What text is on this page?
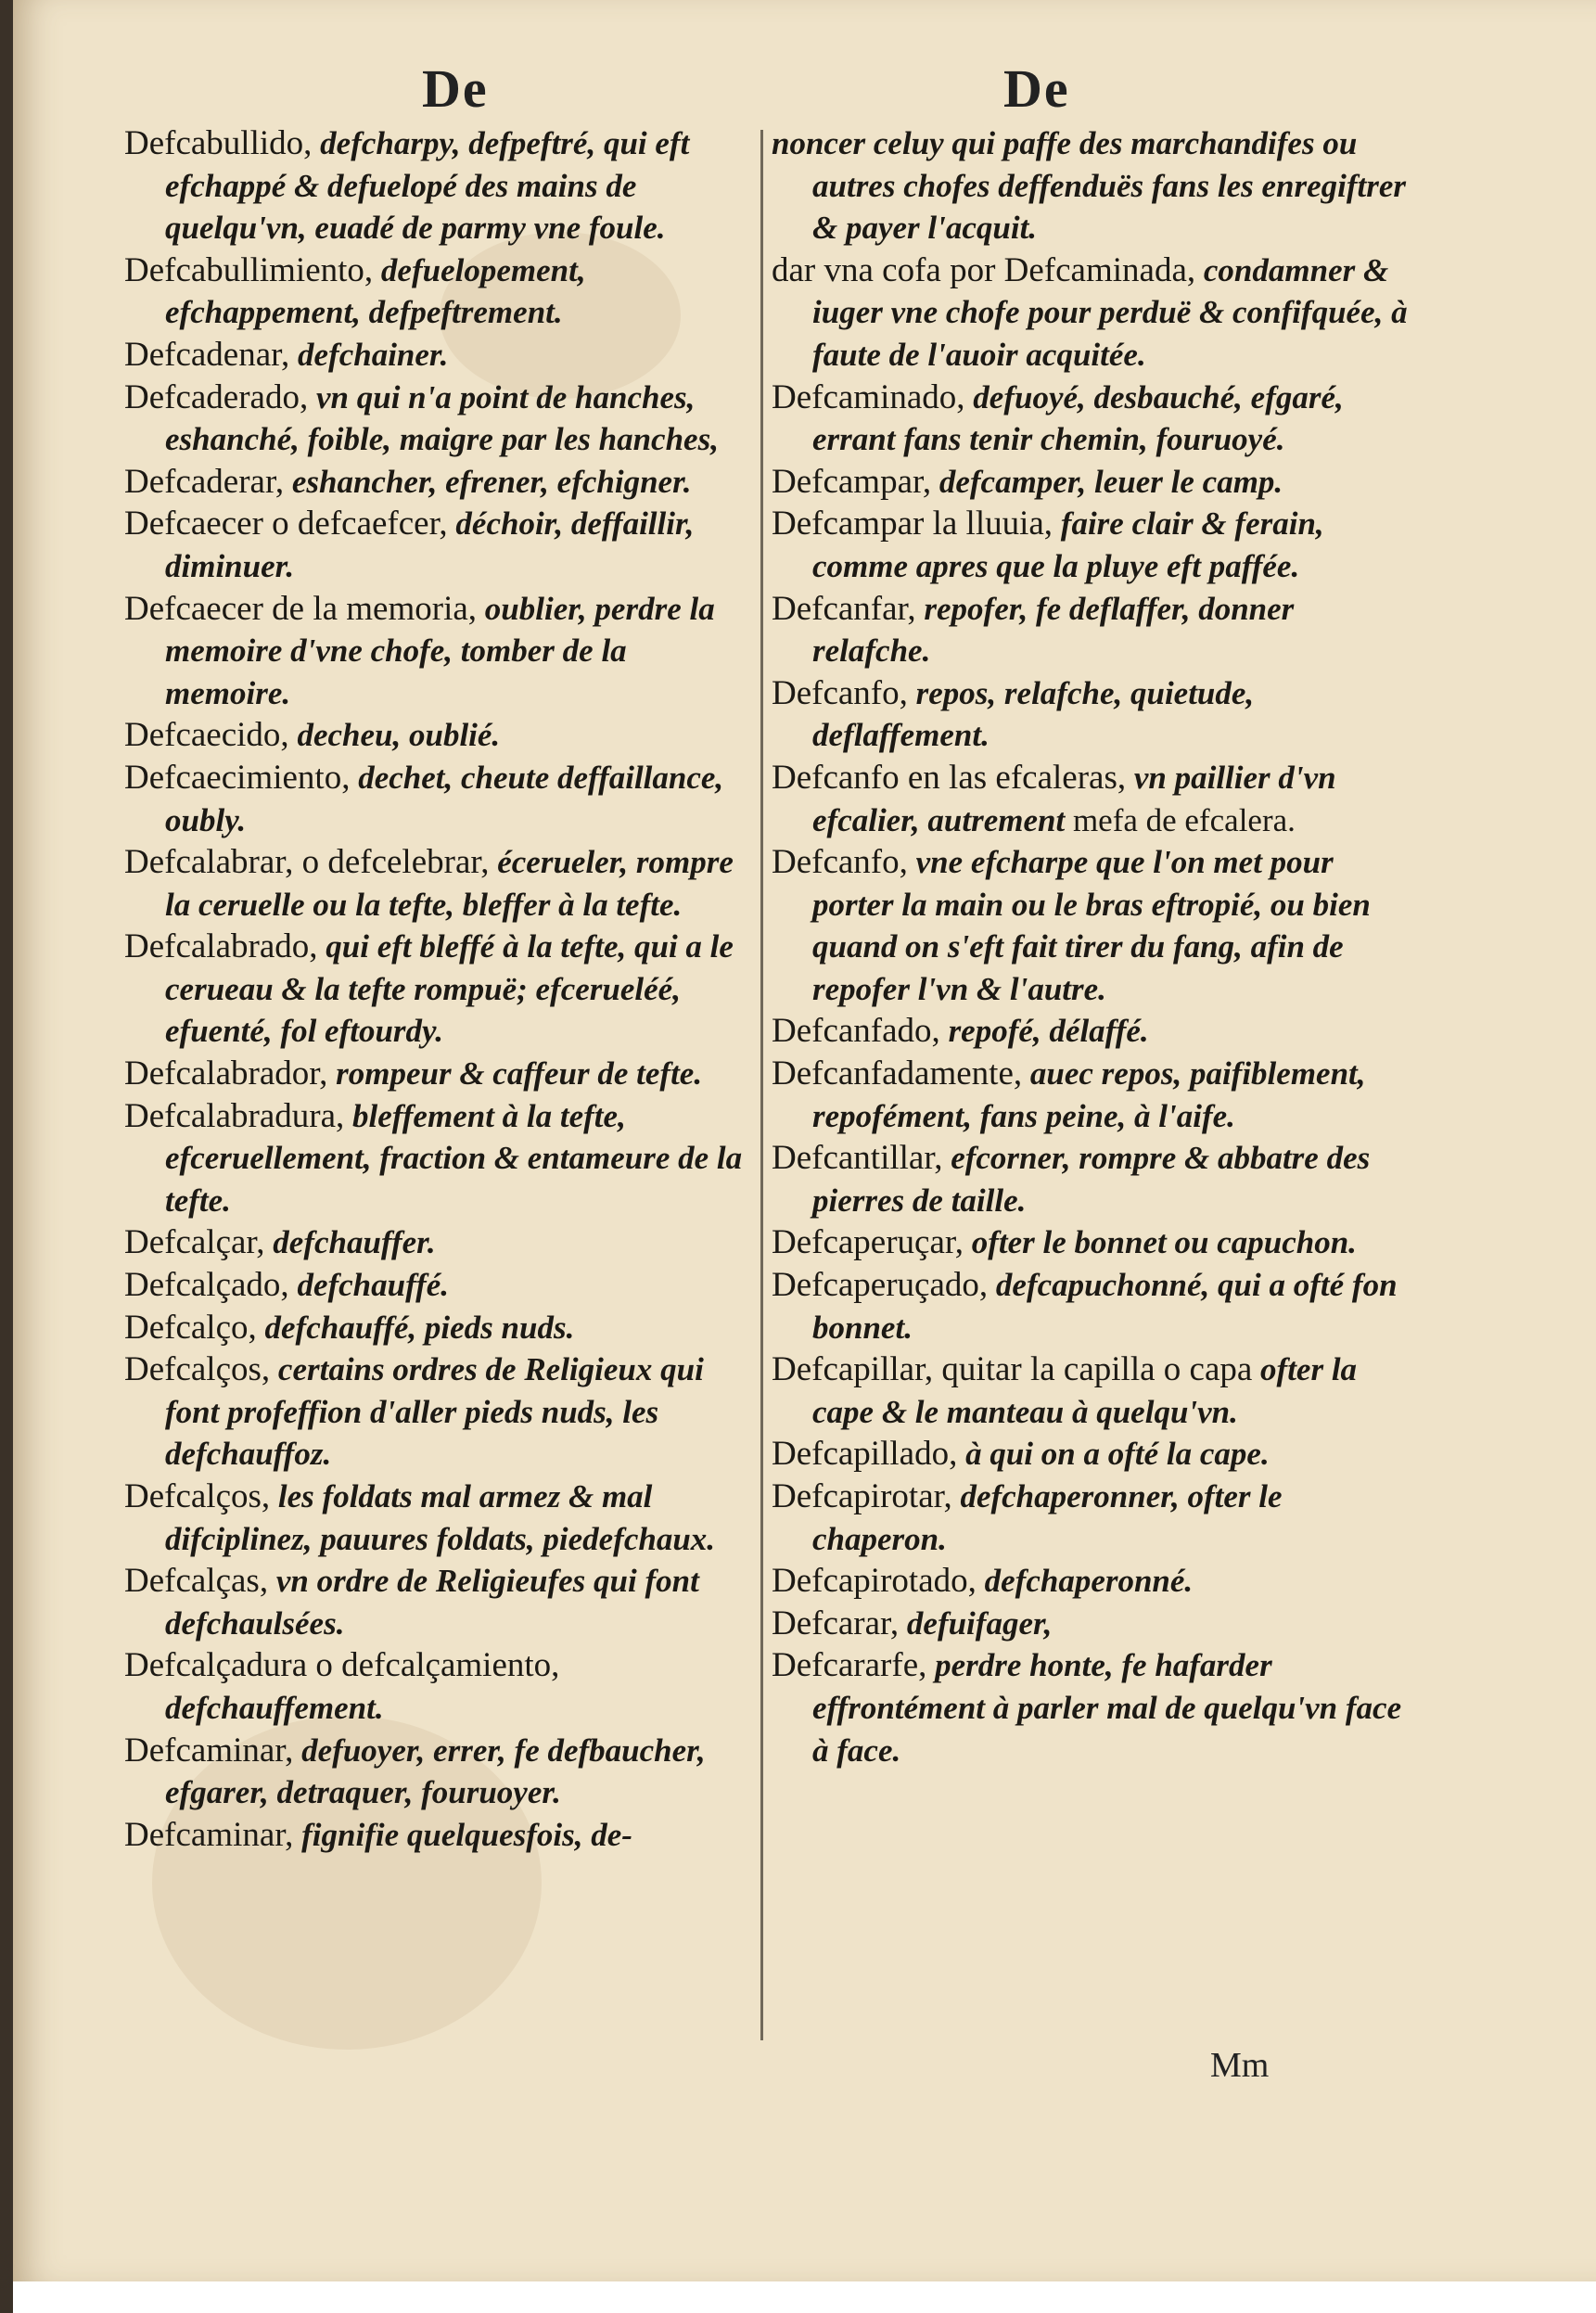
De	De

Defcabullido, defcharpy, defpeftré, qui eft efchappé & defuelopé des mains de quelqu'vn, euadé de parmy vne foule.

Defcabullimiento, defuelopement, efchappement, defpeftrement.

Defcadenar, defchainer.

Defcaderado, vn qui n'a point de hanches, eshanché, foible, maigre par les hanches,

Defcaderar, eshancher, efrener, efchigner.

Defcaecer o defcaefcer, déchoir, deffaillir, diminuer.

Defcaecer de la memoria, oublier, perdre la memoire d'vne chofe, tomber de la memoire.

Defcaecido, decheu, oublié.

Defcaecimiento, dechet, cheute deffaillance, oubly.

Defcalabrar, o defcelebrar, écerueler, rompre la ceruelle ou la tefte, bleffer à la tefte.

Defcalabrado, qui eft bleffé à la tefte, qui a le cerueau & la tefte rompuë; efcerueléé, efuenté, fol eftourdy.

Defcalabrador, rompeur & caffeur de tefte.

Defcalabradura, bleffement à la tefte, efceruellement, fraction & entameure de la tefte.

Defcalçar, defchauffer.

Defcalçado, defchauffé.

Defcalço, defchauffé, pieds nuds.

Defcalços, certains ordres de Religieux qui font profeffion d'aller pieds nuds, les defchauffoz.

Defcalços, les foldats mal armez & mal difciplinez, pauures foldats, piedefchaux.

Defcalças, vn ordre de Religieufes qui font defchaulsées.

Defcalçadura o defcalçamiento, defchauffement.

Defcaminar, defuoyer, errer, fe defbaucher, efgarer, detraquer, fouruoyer.

Defcaminar, fignifie quelquesfois, de-

noncer celuy qui paffe des marchandifes ou autres chofes deffenduës fans les enregiftrer & payer l'acquit.

dar vna cofa por Defcaminada, condamner & iuger vne chofe pour perduë & confifquée, à faute de l'auoir acquitée.

Defcaminado, defuoyé, desbauché, efgaré, errant fans tenir chemin, fouruoyé.

Defcampar, defcamper, leuer le camp.

Defcampar la lluuia, faire clair & ferain, comme apres que la pluye eft paffée.

Defcanfar, repofer, fe deflaffer, donner relafche.

Defcanfo, repos, relafche, quietude, deflaffement.

Defcanfo en las efcaleras, vn paillier d'vn efcalier, autrement mefa de efcalera.

Defcanfo, vne efcharpe que l'on met pour porter la main ou le bras eftropié, ou bien quand on s'eft fait tirer du fang, afin de repofer l'vn & l'autre.

Defcanfado, repofé, délaffé.

Defcanfadamente, auec repos, paifiblement, repofément, fans peine, à l'aife.

Defcantillar, efcorner, rompre & abbatre des pierres de taille.

Defcaperuçar, ofter le bonnet ou capuchon.

Defcaperuçado, defcapuchonné, qui a ofté fon bonnet.

Defcapillar, quitar la capilla o capa ofter la cape & le manteau à quelqu'vn.

Defcapillado, à qui on a ofté la cape.

Defcapirotar, defchaperonner, ofter le chaperon.

Defcapirotado, defchaperonné.

Defcarar, defuifager,

Defcararfe, perdre honte, fe hafarder effrontément à parler mal de quelqu'vn face à face.

Mm
